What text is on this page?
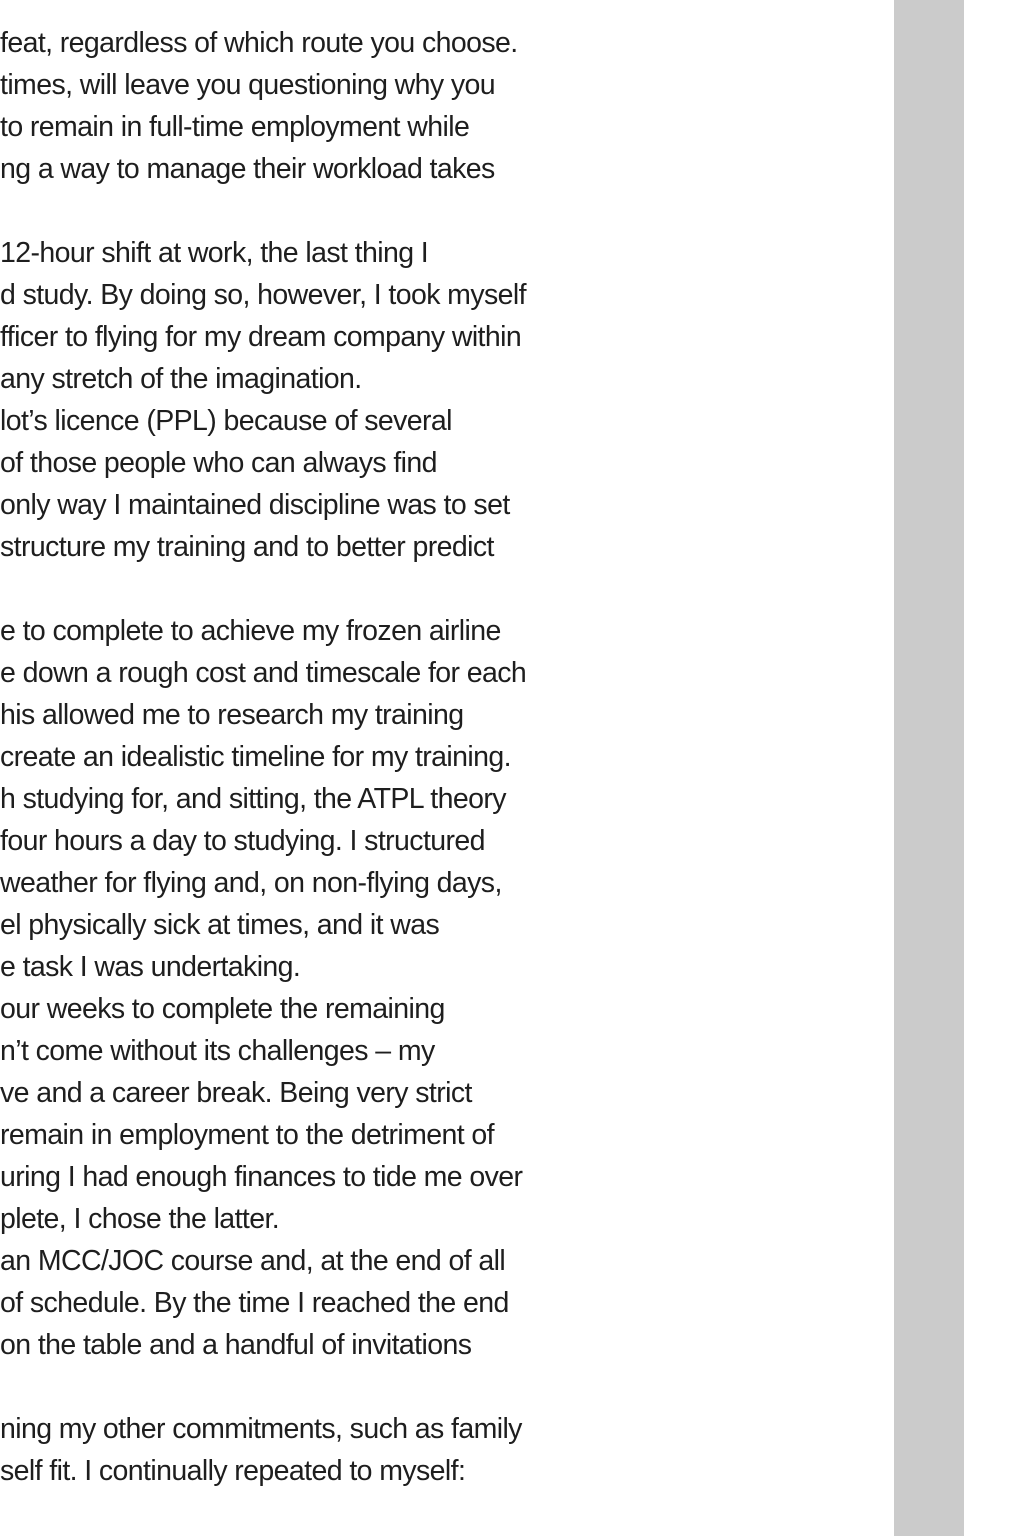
feat, regardless of which route you choose.
times, will leave you questioning why you
to remain in full-time employment while
ng a way to manage their workload takes
12-hour shift at work, the last thing I
d study. By doing so, however, I took myself
fficer to flying for my dream company within
any stretch of the imagination.
lot’s licence (PPL) because of several
of those people who can always find
only way I maintained discipline was to set
structure my training and to better predict
e to complete to achieve my frozen airline
e down a rough cost and timescale for each
his allowed me to research my training
create an idealistic timeline for my training.
h studying for, and sitting, the ATPL theory
four hours a day to studying. I structured
weather for flying and, on non-flying days,
el physically sick at times, and it was
e task I was undertaking.
our weeks to complete the remaining
n’t come without its challenges – my
ve and a career break. Being very strict
remain in employment to the detriment of
uring I had enough finances to tide me over
plete, I chose the latter.
an MCC/JOC course and, at the end of all
of schedule. By the time I reached the end
on the table and a handful of invitations
ning my other commitments, such as family
self fit. I continually repeated to myself:
